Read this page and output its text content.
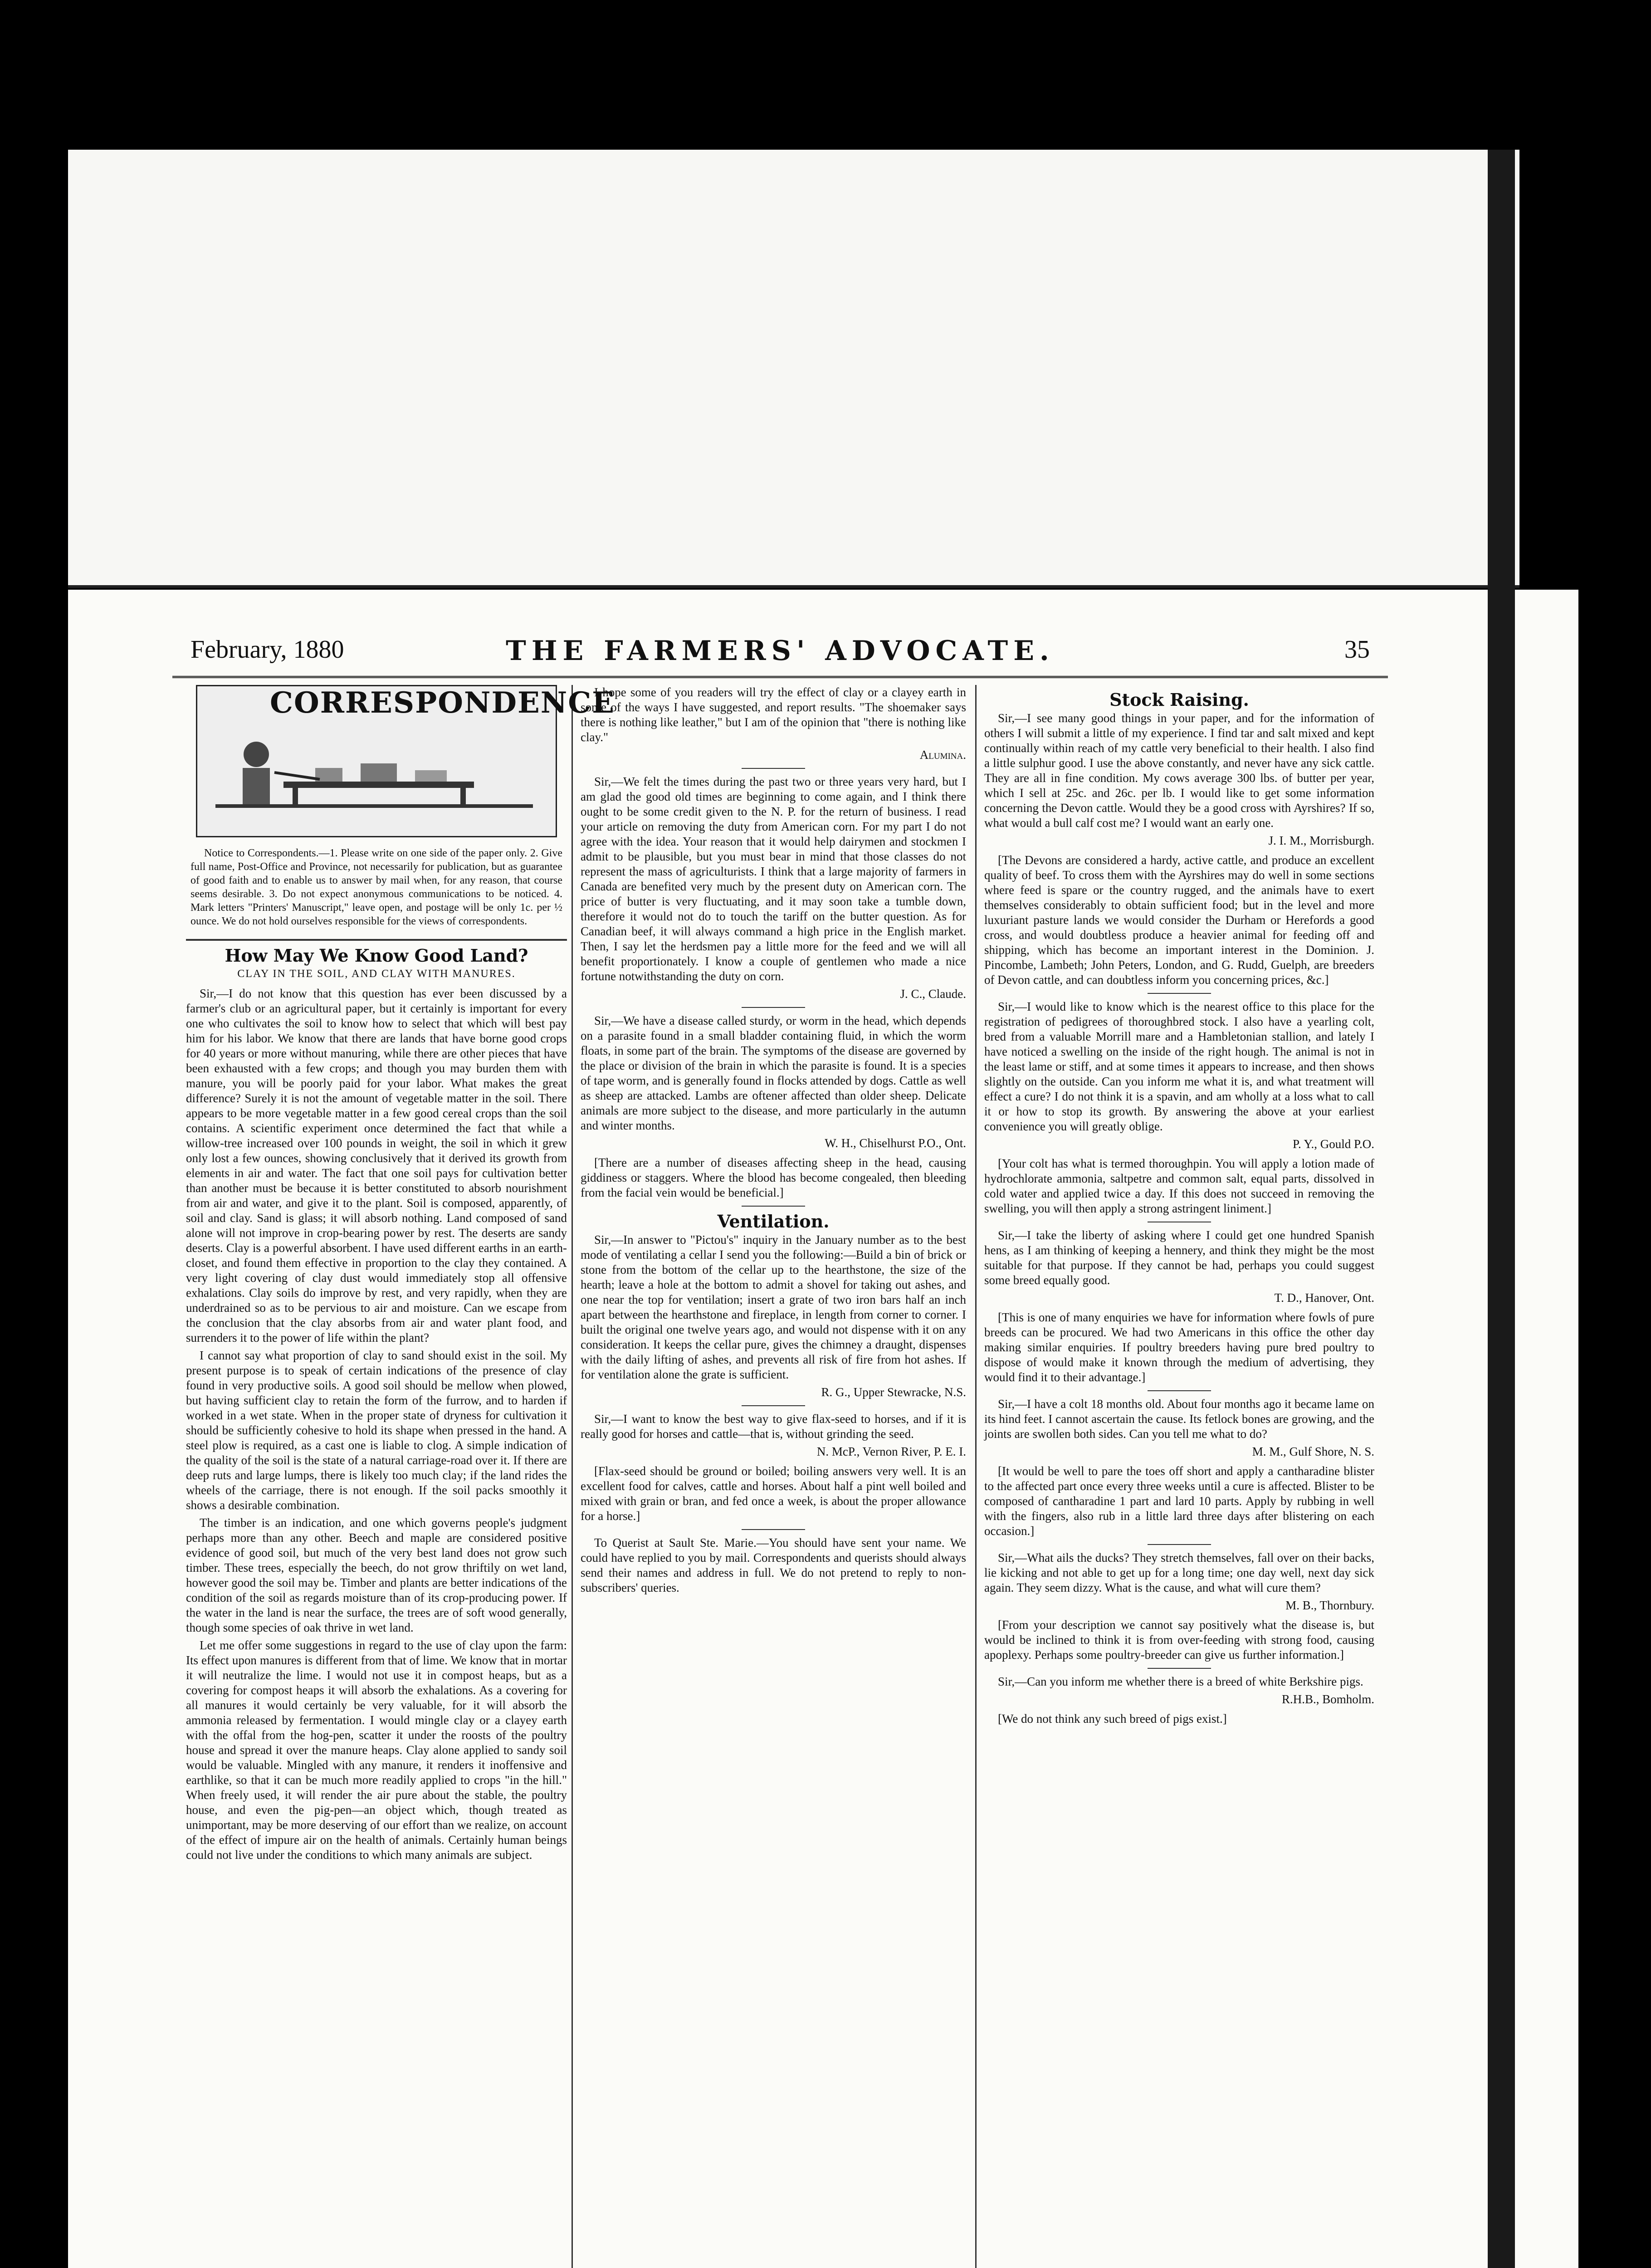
February, 1880	THE FARMERS' ADVOCATE.	35
CORRESPONDENCE
Notice to Correspondents.—1. Please write on one side of the paper only. 2. Give full name, Post-Office and Province, not necessarily for publication, but as guarantee of good faith and to enable us to answer by mail when, for any reason, that course seems desirable. 3. Do not expect anonymous communications to be noticed. 4. Mark letters "Printers' Manuscript," leave open, and postage will be only 1c. per ½ ounce. We do not hold ourselves responsible for the views of correspondents.
How May We Know Good Land?
CLAY IN THE SOIL, AND CLAY WITH MANURES.

Sir,—I do not know that this question has ever been discussed by a farmer's club or an agricultural paper, but it certainly is important for every one who cultivates the soil to know how to select that which will best pay him for his labor. We know that there are lands that have borne good crops for 40 years or more without manuring, while there are other pieces that have been exhausted with a few crops; and though you may burden them with manure, you will be poorly paid for your labor. What makes the great difference? Surely it is not the amount of vegetable matter in the soil. There appears to be more vegetable matter in a few good cereal crops than the soil contains. A scientific experiment once determined the fact that while a willow-tree increased over 100 pounds in weight, the soil in which it grew only lost a few ounces, showing conclusively that it derived its growth from elements in air and water. The fact that one soil pays for cultivation better than another must be because it is better constituted to absorb nourishment from air and water, and give it to the plant. Soil is composed, apparently, of soil and clay. Sand is glass; it will absorb nothing. Land composed of sand alone will not improve in crop-bearing power by rest. The deserts are sandy deserts. Clay is a powerful absorbent. I have used different earths in an earth-closet, and found them effective in proportion to the clay they contained. A very light covering of clay dust would immediately stop all offensive exhalations. Clay soils do improve by rest, and very rapidly, when they are underdrained so as to be pervious to air and moisture. Can we escape from the conclusion that the clay absorbs from air and water plant food, and surrenders it to the power of life within the plant?

I cannot say what proportion of clay to sand should exist in the soil. My present purpose is to speak of certain indications of the presence of clay found in very productive soils. A good soil should be mellow when plowed, but having sufficient clay to retain the form of the furrow, and to harden if worked in a wet state. When in the proper state of dryness for cultivation it should be sufficiently cohesive to hold its shape when pressed in the hand. A steel plow is required, as a cast one is liable to clog. A simple indication of the quality of the soil is the state of a natural carriage-road over it. If there are deep ruts and large lumps, there is likely too much clay; if the land rides the wheels of the carriage, there is not enough. If the soil packs smoothly it shows a desirable combination.

The timber is an indication, and one which governs people's judgment perhaps more than any other. Beech and maple are considered positive evidence of good soil, but much of the very best land does not grow such timber. These trees, especially the beech, do not grow thriftily on wet land, however good the soil may be. Timber and plants are better indications of the condition of the soil as regards moisture than of its crop-producing power. If the water in the land is near the surface, the trees are of soft wood generally, though some species of oak thrive in wet land.

Let me offer some suggestions in regard to the use of clay upon the farm: Its effect upon manures is different from that of lime. We know that in mortar it will neutralize the lime. I would not use it in compost heaps, but as a covering for compost heaps it will absorb the exhalations. As a covering for all manures it would certainly be very valuable, for it will absorb the ammonia released by fermentation. I would mingle clay or a clayey earth with the offal from the hog-pen, scatter it under the roosts of the poultry house and spread it over the manure heaps. Clay alone applied to sandy soil would be valuable. Mingled with any manure, it renders it inoffensive and earthlike, so that it can be much more readily applied to crops "in the hill." When freely used, it will render the air pure about the stable, the poultry house, and even the pig-pen—an object which, though treated as unimportant, may be more deserving of our effort than we realize, on account of the effect of impure air on the health of animals. Certainly human beings could not live under the conditions to which many animals are subject.

I hope some of you readers will try the effect of clay or a clayey earth in some of the ways I have suggested, and report results. "The shoemaker says there is nothing like leather," but I am of the opinion that "there is nothing like clay."

Alumina.

Sir,—We felt the times during the past two or three years very hard, but I am glad the good old times are beginning to come again, and I think there ought to be some credit given to the N. P. for the return of business. I read your article on removing the duty from American corn. For my part I do not agree with the idea. Your reason that it would help dairymen and stockmen I admit to be plausible, but you must bear in mind that those classes do not represent the mass of agriculturists. I think that a large majority of farmers in Canada are benefited very much by the present duty on American corn. The price of butter is very fluctuating, and it may soon take a tumble down, therefore it would not do to touch the tariff on the butter question. As for Canadian beef, it will always command a high price in the English market. Then, I say let the herdsmen pay a little more for the feed and we will all benefit proportionately. I know a couple of gentlemen who made a nice fortune notwithstanding the duty on corn.

J. C., Claude.

Sir,—We have a disease called sturdy, or worm in the head, which depends on a parasite found in a small bladder containing fluid, in which the worm floats, in some part of the brain. The symptoms of the disease are governed by the place or division of the brain in which the parasite is found. It is a species of tape worm, and is generally found in flocks attended by dogs. Cattle as well as sheep are attacked. Lambs are oftener affected than older sheep. Delicate animals are more subject to the disease, and more particularly in the autumn and winter months.

W. H., Chiselhurst P.O., Ont.

[There are a number of diseases affecting sheep in the head, causing giddiness or staggers. Where the blood has become congealed, then bleeding from the facial vein would be beneficial.]

Ventilation.

Sir,—In answer to "Pictou's" inquiry in the January number as to the best mode of ventilating a cellar I send you the following:—Build a bin of brick or stone from the bottom of the cellar up to the hearthstone, the size of the hearth; leave a hole at the bottom to admit a shovel for taking out ashes, and one near the top for ventilation; insert a grate of two iron bars half an inch apart between the hearthstone and fireplace, in length from corner to corner. I built the original one twelve years ago, and would not dispense with it on any consideration. It keeps the cellar pure, gives the chimney a draught, dispenses with the daily lifting of ashes, and prevents all risk of fire from hot ashes. If for ventilation alone the grate is sufficient.

R. G., Upper Stewracke, N.S.

Sir,—I want to know the best way to give flax-seed to horses, and if it is really good for horses and cattle—that is, without grinding the seed.

N. McP., Vernon River, P. E. I.

[Flax-seed should be ground or boiled; boiling answers very well. It is an excellent food for calves, cattle and horses. About half a pint well boiled and mixed with grain or bran, and fed once a week, is about the proper allowance for a horse.]

To Querist at Sault Ste. Marie.—You should have sent your name. We could have replied to you by mail. Correspondents and querists should always send their names and address in full. We do not pretend to reply to non-subscribers' queries.

Stock Raising.

Sir,—I see many good things in your paper, and for the information of others I will submit a little of my experience. I find tar and salt mixed and kept continually within reach of my cattle very beneficial to their health. I also find a little sulphur good. I use the above constantly, and never have any sick cattle. They are all in fine condition. My cows average 300 lbs. of butter per year, which I sell at 25c. and 26c. per lb. I would like to get some information concerning the Devon cattle. Would they be a good cross with Ayrshires? If so, what would a bull calf cost me? I would want an early one.

J. I. M., Morrisburgh.

[The Devons are considered a hardy, active cattle, and produce an excellent quality of beef. To cross them with the Ayrshires may do well in some sections where feed is spare or the country rugged, and the animals have to exert themselves considerably to obtain sufficient food; but in the level and more luxuriant pasture lands we would consider the Durham or Herefords a good cross, and would doubtless produce a heavier animal for feeding off and shipping, which has become an important interest in the Dominion. J. Pincombe, Lambeth; John Peters, London, and G. Rudd, Guelph, are breeders of Devon cattle, and can doubtless inform you concerning prices, &c.]

Sir,—I would like to know which is the nearest office to this place for the registration of pedigrees of thoroughbred stock. I also have a yearling colt, bred from a valuable Morrill mare and a Hambletonian stallion, and lately I have noticed a swelling on the inside of the right hough. The animal is not in the least lame or stiff, and at some times it appears to increase, and then shows slightly on the outside. Can you inform me what it is, and what treatment will effect a cure? I do not think it is a spavin, and am wholly at a loss what to call it or how to stop its growth. By answering the above at your earliest convenience you will greatly oblige.

P. Y., Gould P.O.

[Your colt has what is termed thoroughpin. You will apply a lotion made of hydrochlorate ammonia, saltpetre and common salt, equal parts, dissolved in cold water and applied twice a day. If this does not succeed in removing the swelling, you will then apply a strong astringent liniment.]

Sir,—I take the liberty of asking where I could get one hundred Spanish hens, as I am thinking of keeping a hennery, and think they might be the most suitable for that purpose. If they cannot be had, perhaps you could suggest some breed equally good.

T. D., Hanover, Ont.

[This is one of many enquiries we have for information where fowls of pure breeds can be procured. We had two Americans in this office the other day making similar enquiries. If poultry breeders having pure bred poultry to dispose of would make it known through the medium of advertising, they would find it to their advantage.]

Sir,—I have a colt 18 months old. About four months ago it became lame on its hind feet. I cannot ascertain the cause. Its fetlock bones are growing, and the joints are swollen both sides. Can you tell me what to do?

M. M., Gulf Shore, N. S.

[It would be well to pare the toes off short and apply a cantharadine blister to the affected part once every three weeks until a cure is affected. Blister to be composed of cantharadine 1 part and lard 10 parts. Apply by rubbing in well with the fingers, also rub in a little lard three days after blistering on each occasion.]

Sir,—What ails the ducks? They stretch themselves, fall over on their backs, lie kicking and not able to get up for a long time; one day well, next day sick again. They seem dizzy. What is the cause, and what will cure them?

M. B., Thornbury.

[From your description we cannot say positively what the disease is, but would be inclined to think it is from over-feeding with strong food, causing apoplexy. Perhaps some poultry-breeder can give us further information.]

Sir,—Can you inform me whether there is a breed of white Berkshire pigs.

R.H.B., Bomholm.

[We do not think any such breed of pigs exist.]
